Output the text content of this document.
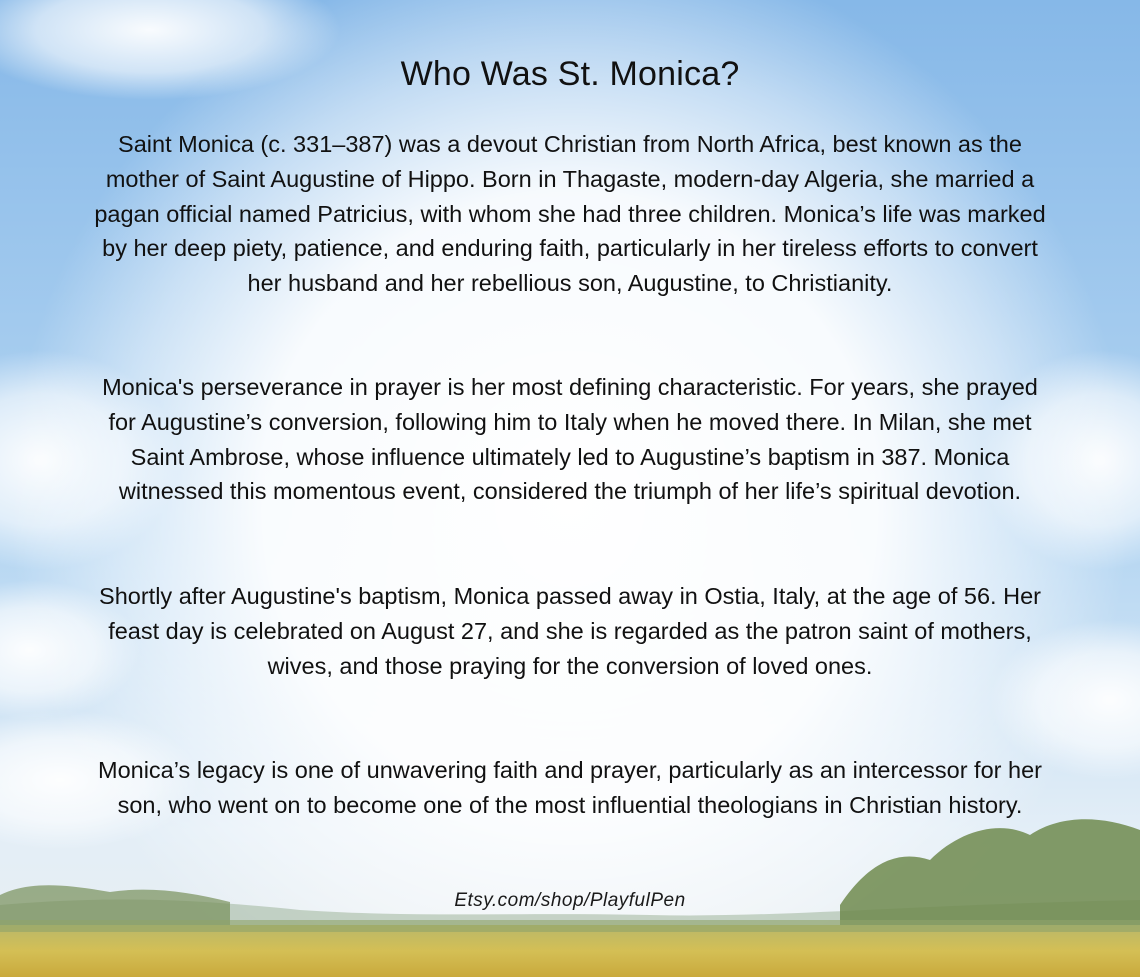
Who Was St. Monica?

Saint Monica (c. 331–387) was a devout Christian from North Africa, best known as the mother of Saint Augustine of Hippo. Born in Thagaste, modern-day Algeria, she married a pagan official named Patricius, with whom she had three children. Monica’s life was marked by her deep piety, patience, and enduring faith, particularly in her tireless efforts to convert her husband and her rebellious son, Augustine, to Christianity.

Monica's perseverance in prayer is her most defining characteristic. For years, she prayed for Augustine’s conversion, following him to Italy when he moved there. In Milan, she met Saint Ambrose, whose influence ultimately led to Augustine’s baptism in 387. Monica witnessed this momentous event, considered the triumph of her life’s spiritual devotion.

Shortly after Augustine's baptism, Monica passed away in Ostia, Italy, at the age of 56. Her feast day is celebrated on August 27, and she is regarded as the patron saint of mothers, wives, and those praying for the conversion of loved ones.

Monica’s legacy is one of unwavering faith and prayer, particularly as an intercessor for her son, who went on to become one of the most influential theologians in Christian history.

Etsy.com/shop/PlayfulPen
